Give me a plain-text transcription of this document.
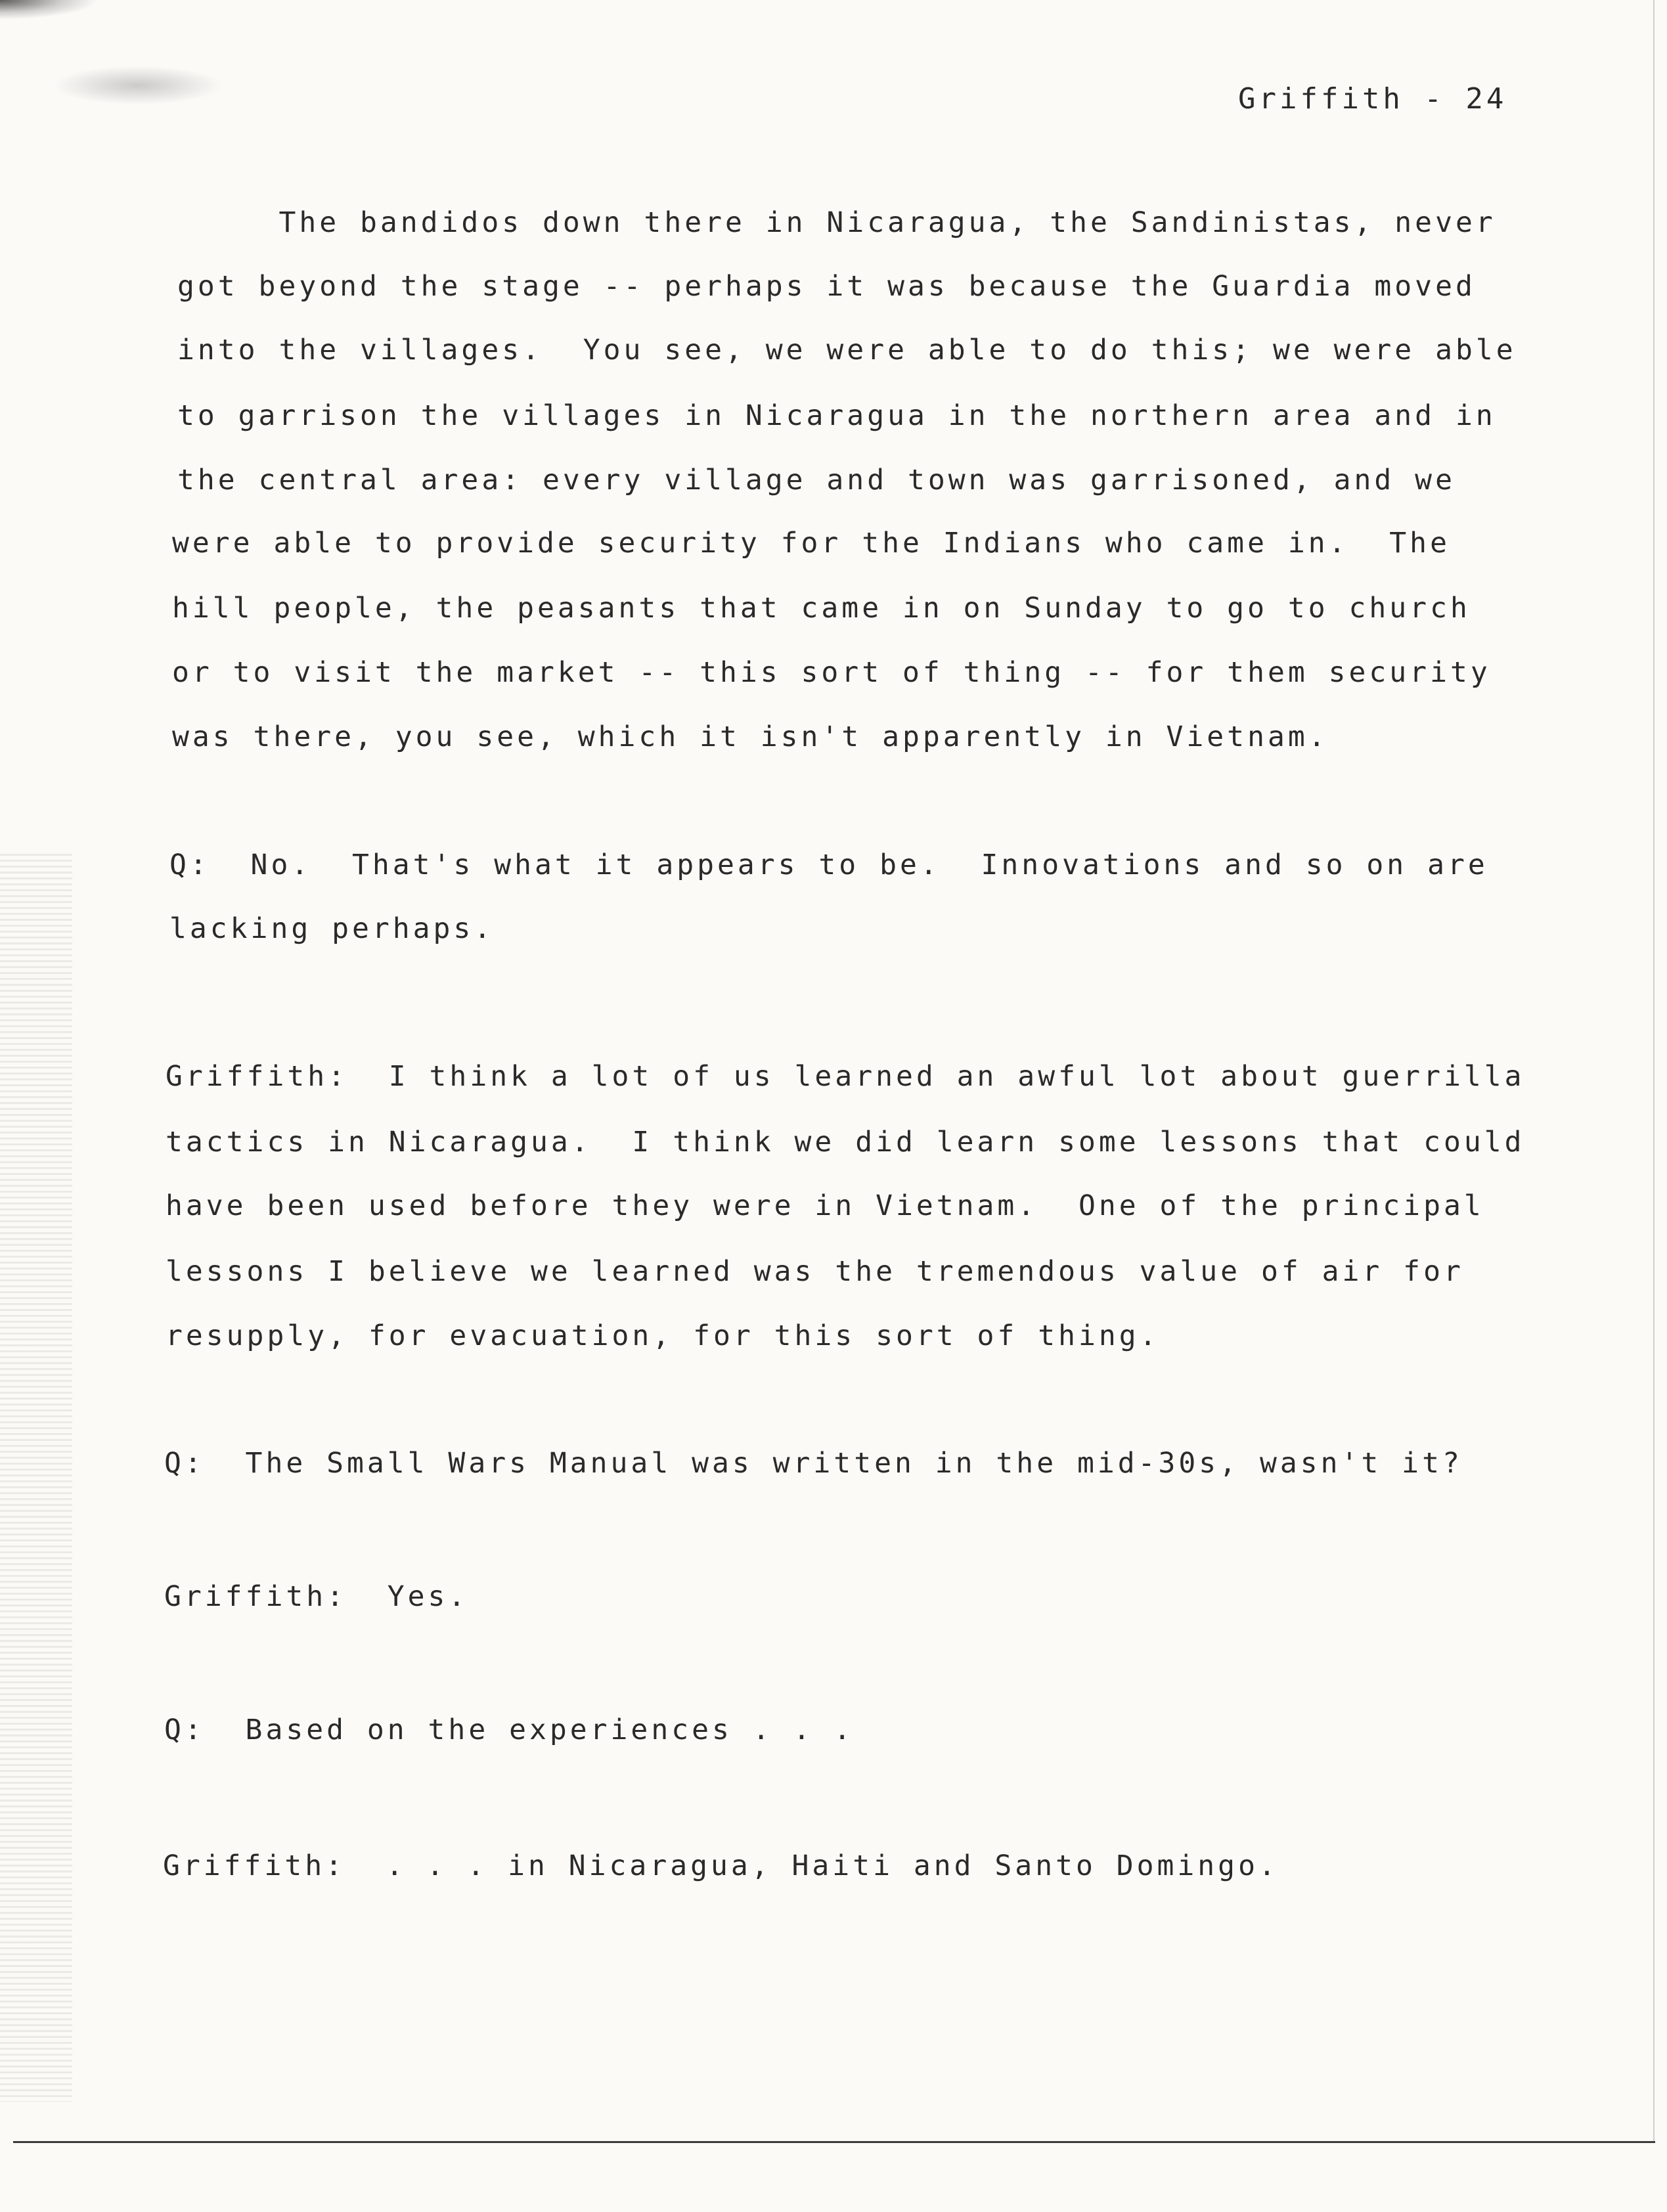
Griffith - 24
The bandidos down there in Nicaragua, the Sandinistas, never
got beyond the stage -- perhaps it was because the Guardia moved
into the villages.  You see, we were able to do this; we were able
to garrison the villages in Nicaragua in the northern area and in
the central area: every village and town was garrisoned, and we
were able to provide security for the Indians who came in.  The
hill people, the peasants that came in on Sunday to go to church
or to visit the market -- this sort of thing -- for them security
was there, you see, which it isn't apparently in Vietnam.
Q:  No.  That's what it appears to be.  Innovations and so on are
lacking perhaps.
Griffith:  I think a lot of us learned an awful lot about guerrilla
tactics in Nicaragua.  I think we did learn some lessons that could
have been used before they were in Vietnam.  One of the principal
lessons I believe we learned was the tremendous value of air for
resupply, for evacuation, for this sort of thing.
Q:  The Small Wars Manual was written in the mid-30s, wasn't it?
Griffith:  Yes.
Q:  Based on the experiences . . .
Griffith:  . . . in Nicaragua, Haiti and Santo Domingo.
